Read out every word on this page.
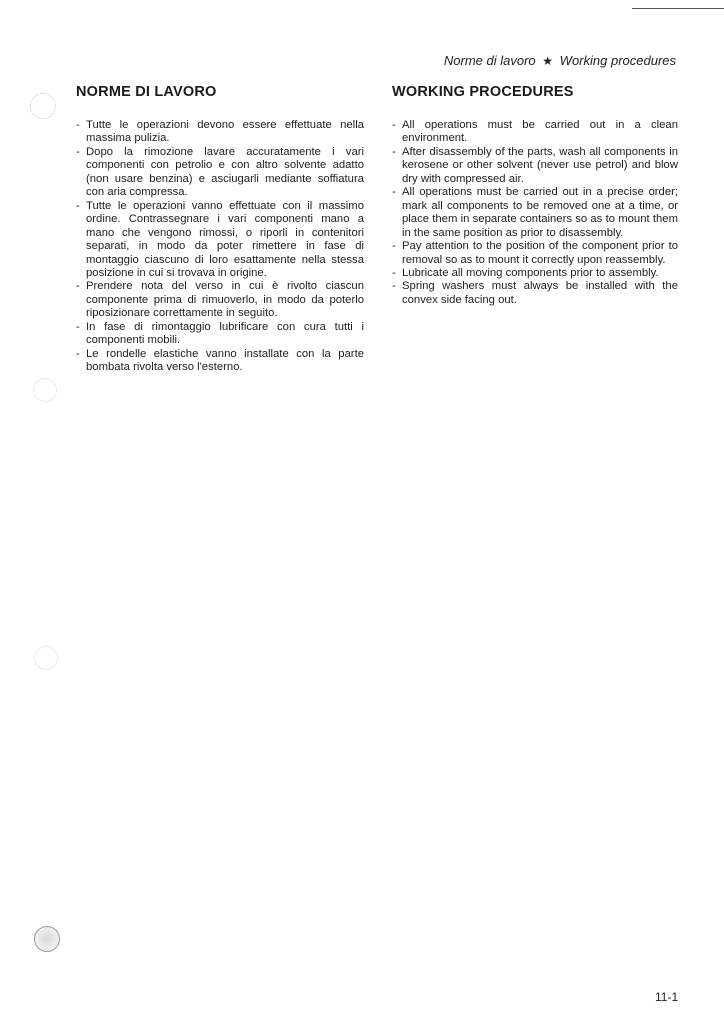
Norme di lavoro ★ Working procedures
NORME DI LAVORO
- Tutte le operazioni devono essere effettuate nella massima pulizia.
- Dopo la rimozione lavare accuratamente i vari componenti con petrolio e con altro solvente adatto (non usare benzina) e asciugarli mediante soffiatura con aria compressa.
- Tutte le operazioni vanno effettuate con il massimo ordine. Contrassegnare i vari componenti mano a mano che vengono rimossi, o riporli in contenitori separati, in modo da poter rimettere in fase di montaggio ciascuno di loro esattamente nella stessa posizione in cui si trovava in origine.
- Prendere nota del verso in cui è rivolto ciascun componente prima di rimuoverlo, in modo da poterlo riposizionare correttamente in seguito.
- In fase di rimontaggio lubrificare con cura tutti i componenti mobili.
- Le rondelle elastiche vanno installate con la parte bombata rivolta verso l'esterno.
WORKING PROCEDURES
- All operations must be carried out in a clean environment.
- After disassembly of the parts, wash all components in kerosene or other solvent (never use petrol) and blow dry with compressed air.
- All operations must be carried out in a precise order; mark all components to be removed one at a time, or place them in separate containers so as to mount them in the same position as prior to disassembly.
- Pay attention to the position of the component prior to removal so as to mount it correctly upon reassembly.
- Lubricate all moving components prior to assembly.
- Spring washers must always be installed with the convex side facing out.
11-1
